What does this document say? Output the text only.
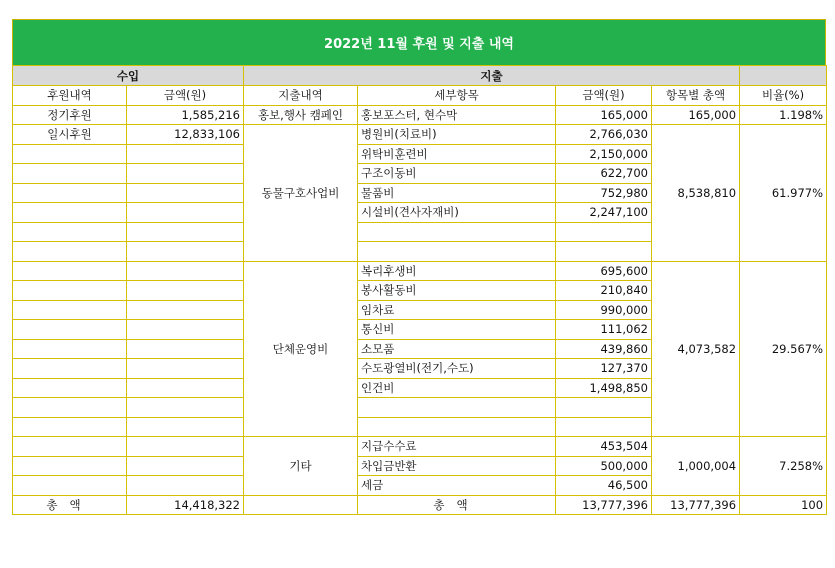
2022년 11월 후원 및 지출 내역
수입		지출				
후원내역	금액(원)	지출내역	세부항목	금액(원)	항목별 총액	비율(%)
정기후원	1,585,216	홍보,행사 캠페인	홍보포스터, 현수막	165,000	165,000	1.198%
일시후원	12,833,106	동물구호사업비	병원비(치료비)	2,766,030	8,538,810	61.977%
			위탁비훈련비	2,150,000		
			구조이동비	622,700		
			물품비	752,980		
			시설비(견사자재비)	2,247,100		

		단체운영비	복리후생비	695,600	4,073,582	29.567%
			봉사활동비	210,840		
			임차료	990,000		
			통신비	111,062		
			소모품	439,860		
			수도광열비(전기,수도)	127,370		
			인건비	1,498,850		

		기타	지급수수료	453,504	1,000,004	7.258%
			차입금반환	500,000		
			세금	46,500		
총액	14,418,322		총액	13,777,396	13,777,396	100
